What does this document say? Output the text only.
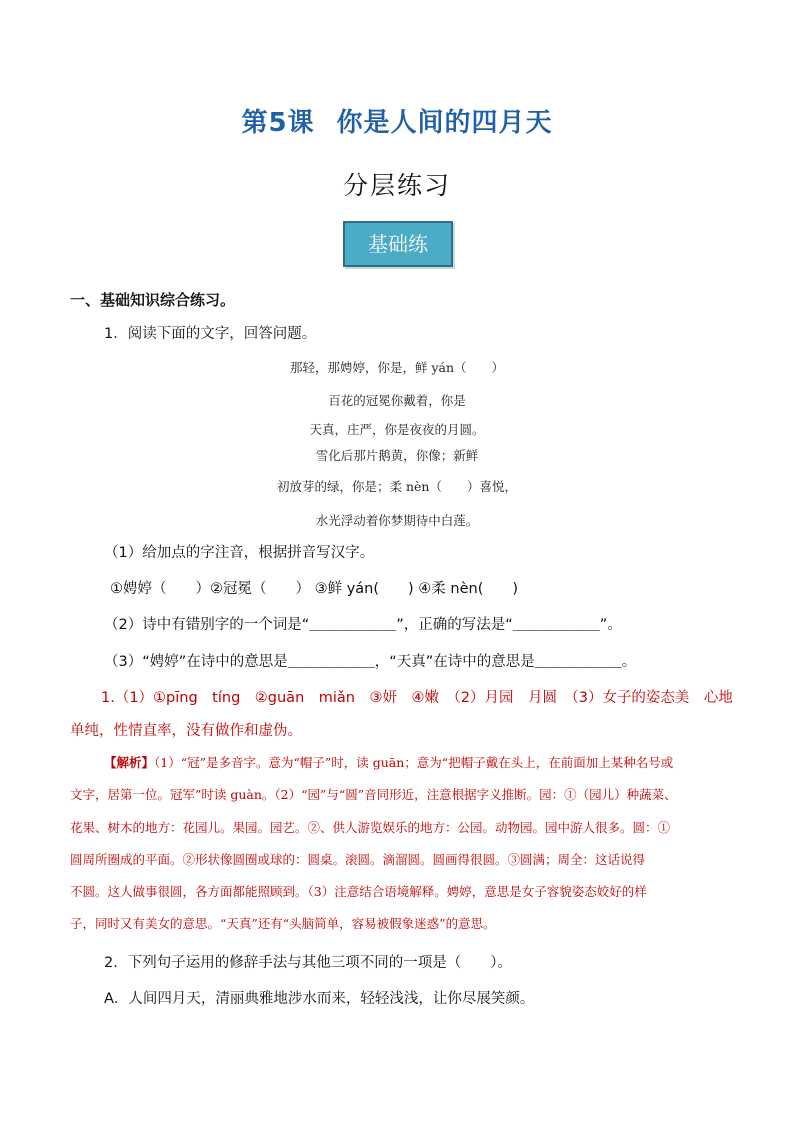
第5课 你是人间的四月天
分层练习
基础练
一、基础知识综合练习。
1．阅读下面的文字，回答问题。
那轻，那娉婷，你是，鲜 yán（　　）
百花的冠冕你戴着，你是
天真，庄严，你是夜夜的月圆。
雪化后那片鹅黄，你像；新鲜
初放芽的绿，你是；柔 nèn（　　）喜悦，
水光浮动着你梦期待中白莲。
（1）给加点的字注音，根据拼音写汉字。
①娉婷（　　）②冠冕（　　） ③鲜 yán(　　) ④柔 nèn(　　)
（2）诗中有错别字的一个词是“＿＿＿＿＿＿”，正确的写法是“＿＿＿＿＿＿”。
（3）“娉婷”在诗中的意思是＿＿＿＿＿＿，“天真”在诗中的意思是＿＿＿＿＿＿。
1.（1）①pīng　tíng　②guān　miǎn　③妍　④嫩　（2）月园　月圆　（3）女子的姿态美　心地
单纯，性情直率，没有做作和虚伪。
【解析】（1）“冠”是多音字。意为“帽子”时，读 guān；意为“把帽子戴在头上，在前面加上某种名号或
文字，居第一位。冠军”时读 guàn。（2）“园”与“圆”音同形近，注意根据字义推断。园：①（园儿）种蔬菜、
花果、树木的地方：花园儿。果园。园艺。②、供人游览娱乐的地方：公园。动物园。园中游人很多。圆：①
圆周所圈成的平面。②形状像圆圈或球的：圆桌。滚圆。滴溜圆。圆画得很圆。③圆满；周全：这话说得
不圆。这人做事很圆，各方面都能照顾到。（3）注意结合语境解释。娉婷，意思是女子容貌姿态姣好的样
子，同时又有美女的意思。“天真”还有“头脑简单，容易被假象迷惑”的意思。
2．下列句子运用的修辞手法与其他三项不同的一项是（　　）。
A．人间四月天，清丽典雅地涉水而来，轻轻浅浅，让你尽展笑颜。
